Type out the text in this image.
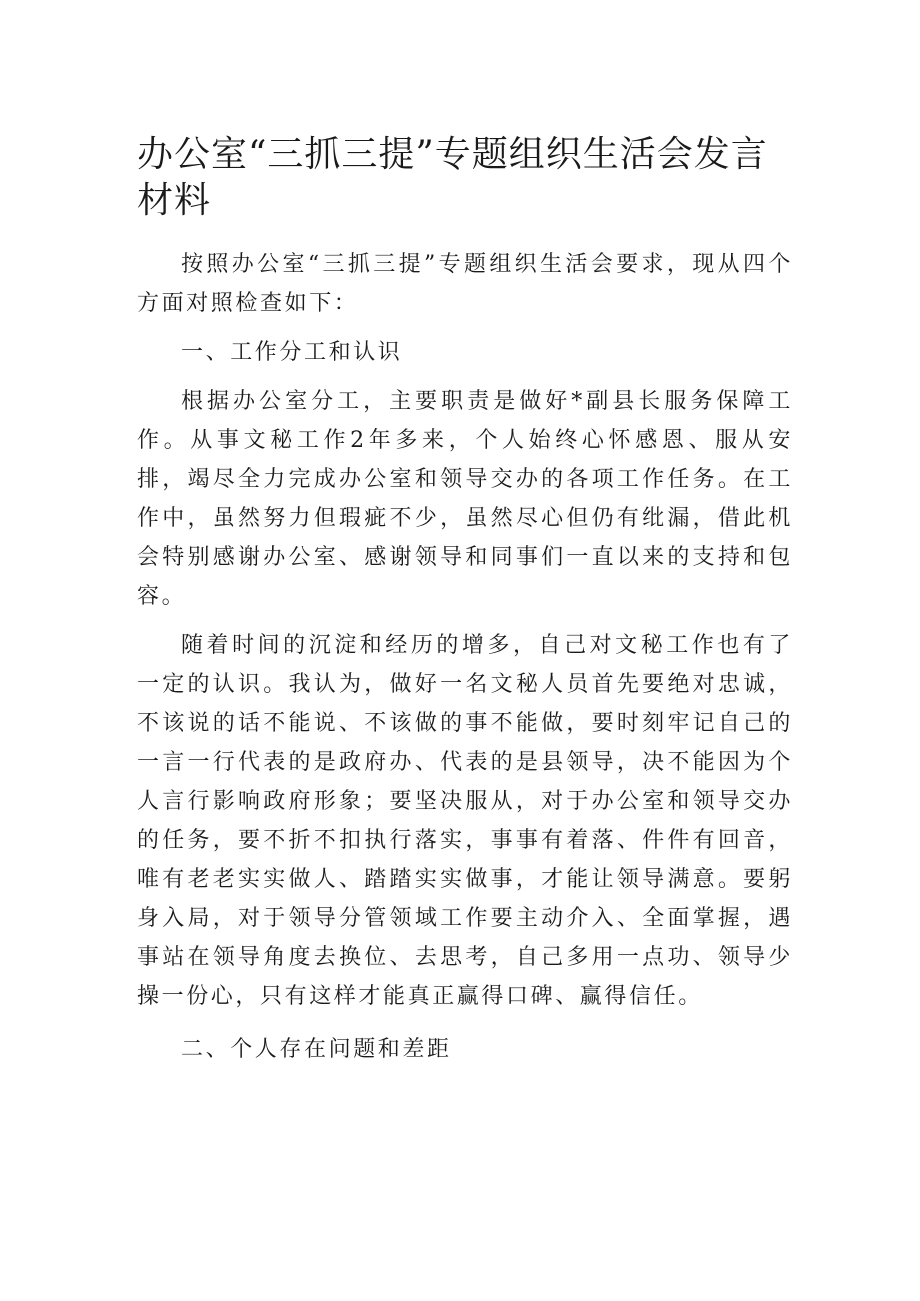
办公室“三抓三提”专题组织生活会发言材料

按照办公室“三抓三提”专题组织生活会要求，现从四个方面对照检查如下：

一、工作分工和认识

根据办公室分工，主要职责是做好*副县长服务保障工作。从事文秘工作2年多来，个人始终心怀感恩、服从安排，竭尽全力完成办公室和领导交办的各项工作任务。在工作中，虽然努力但瑕疵不少，虽然尽心但仍有纰漏，借此机会特别感谢办公室、感谢领导和同事们一直以来的支持和包容。

随着时间的沉淀和经历的增多，自己对文秘工作也有了一定的认识。我认为，做好一名文秘人员首先要绝对忠诚，不该说的话不能说、不该做的事不能做，要时刻牢记自己的一言一行代表的是政府办、代表的是县领导，决不能因为个人言行影响政府形象；要坚决服从，对于办公室和领导交办的任务，要不折不扣执行落实，事事有着落、件件有回音，唯有老老实实做人、踏踏实实做事，才能让领导满意。要躬身入局，对于领导分管领域工作要主动介入、全面掌握，遇事站在领导角度去换位、去思考，自己多用一点功、领导少操一份心，只有这样才能真正赢得口碑、赢得信任。

二、个人存在问题和差距
